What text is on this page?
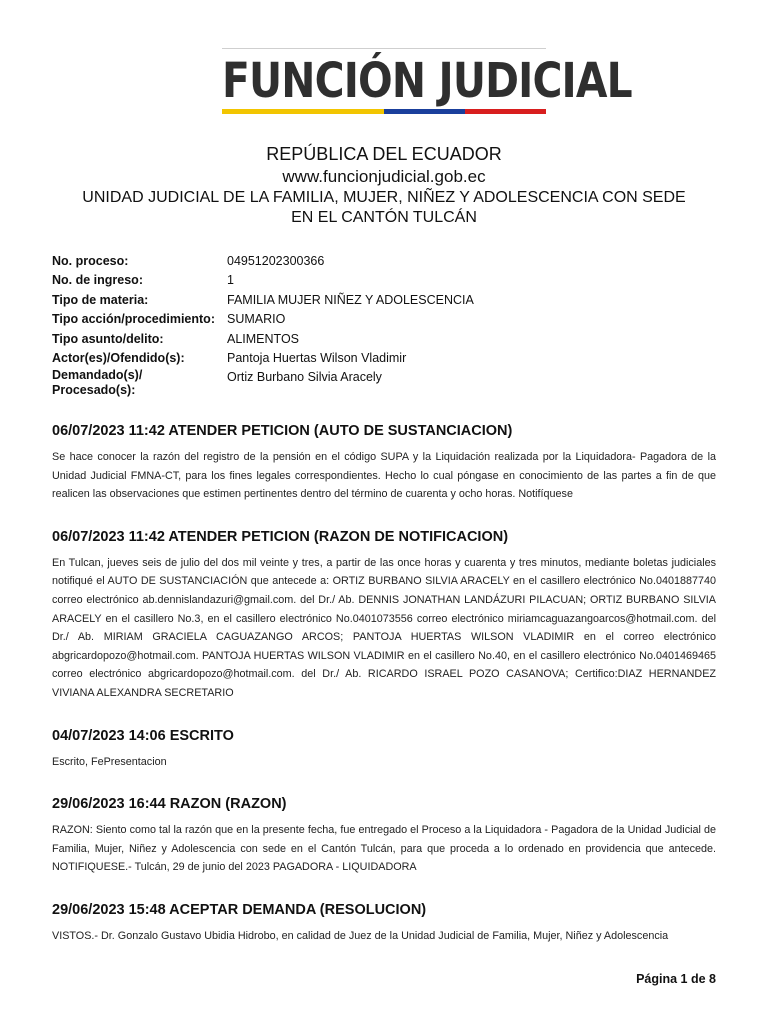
FUNCIÓN JUDICIAL
REPÚBLICA DEL ECUADOR
www.funcionjudicial.gob.ec
UNIDAD JUDICIAL DE LA FAMILIA, MUJER, NIÑEZ Y ADOLESCENCIA CON SEDE
EN EL CANTÓN TULCÁN
No. proceso:	04951202300366
No. de ingreso:	1
Tipo de materia:	FAMILIA MUJER NIÑEZ Y ADOLESCENCIA
Tipo acción/procedimiento: SUMARIO
Tipo asunto/delito:	ALIMENTOS
Actor(es)/Ofendido(s):	Pantoja Huertas Wilson Vladimir
Demandado(s)/ Procesado(s):
Ortiz Burbano Silvia Aracely
06/07/2023 11:42 ATENDER PETICION (AUTO DE SUSTANCIACION)
Se hace conocer la razón del registro de la pensión en el código SUPA y la Liquidación realizada por la Liquidadora- Pagadora de la Unidad Judicial FMNA-CT, para los fines legales correspondientes. Hecho lo cual póngase en conocimiento de las partes a fin de que realicen las observaciones que estimen pertinentes dentro del término de cuarenta y ocho horas. Notifíquese
06/07/2023 11:42 ATENDER PETICION (RAZON DE NOTIFICACION)
En Tulcan, jueves seis de julio del dos mil veinte y tres, a partir de las once horas y cuarenta y tres minutos, mediante boletas judiciales notifiqué el AUTO DE SUSTANCIACIÓN que antecede a: ORTIZ BURBANO SILVIA ARACELY en el casillero electrónico No.0401887740 correo electrónico ab.dennislandazuri@gmail.com. del Dr./ Ab. DENNIS JONATHAN LANDÁZURI PILACUAN; ORTIZ BURBANO SILVIA ARACELY en el casillero No.3, en el casillero electrónico No.0401073556 correo electrónico miriamcaguazangoarcos@hotmail.com. del Dr./ Ab. MIRIAM GRACIELA CAGUAZANGO ARCOS; PANTOJA HUERTAS WILSON VLADIMIR en el correo electrónico abgricardopozo@hotmail.com. PANTOJA HUERTAS WILSON VLADIMIR en el casillero No.40, en el casillero electrónico No.0401469465 correo electrónico abgricardopozo@hotmail.com. del Dr./ Ab. RICARDO ISRAEL POZO CASANOVA; Certifico:DIAZ HERNANDEZ VIVIANA ALEXANDRA SECRETARIO
04/07/2023 14:06 ESCRITO
Escrito, FePresentacion
29/06/2023 16:44 RAZON (RAZON)
RAZON: Siento como tal la razón que en la presente fecha, fue entregado el Proceso a la Liquidadora - Pagadora de la Unidad Judicial de Familia, Mujer, Niñez y Adolescencia con sede en el Cantón Tulcán, para que proceda a lo ordenado en providencia que antecede. NOTIFIQUESE.- Tulcán, 29 de junio del 2023 PAGADORA - LIQUIDADORA
29/06/2023 15:48 ACEPTAR DEMANDA (RESOLUCION)
VISTOS.- Dr. Gonzalo Gustavo Ubidia Hidrobo, en calidad de Juez de la Unidad Judicial de Familia, Mujer, Niñez y Adolescencia
Página 1 de 8
